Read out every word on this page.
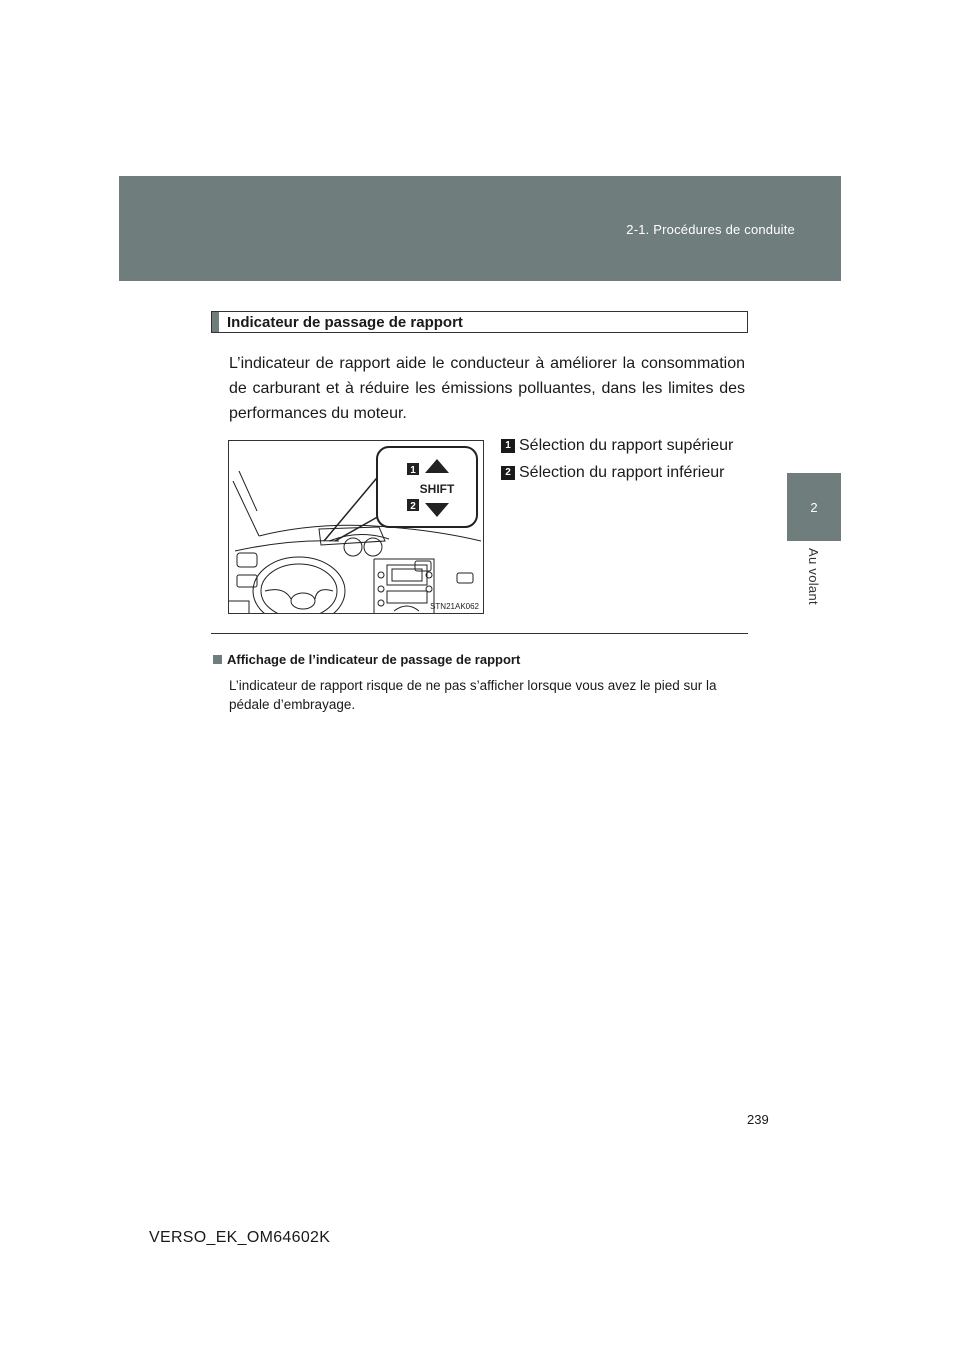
2-1. Procédures de conduite
2
Au volant
Indicateur de passage de rapport
L’indicateur de rapport aide le conducteur à améliorer la consommation de carburant et à réduire les émissions polluantes, dans les limites des performances du moteur.
1 Sélection du rapport supérieur
2 Sélection du rapport inférieur
1
2
SHIFT
STN21AK062
Affichage de l’indicateur de passage de rapport
L’indicateur de rapport risque de ne pas s’afficher lorsque vous avez le pied sur la pédale d’embrayage.
239
VERSO_EK_OM64602K
